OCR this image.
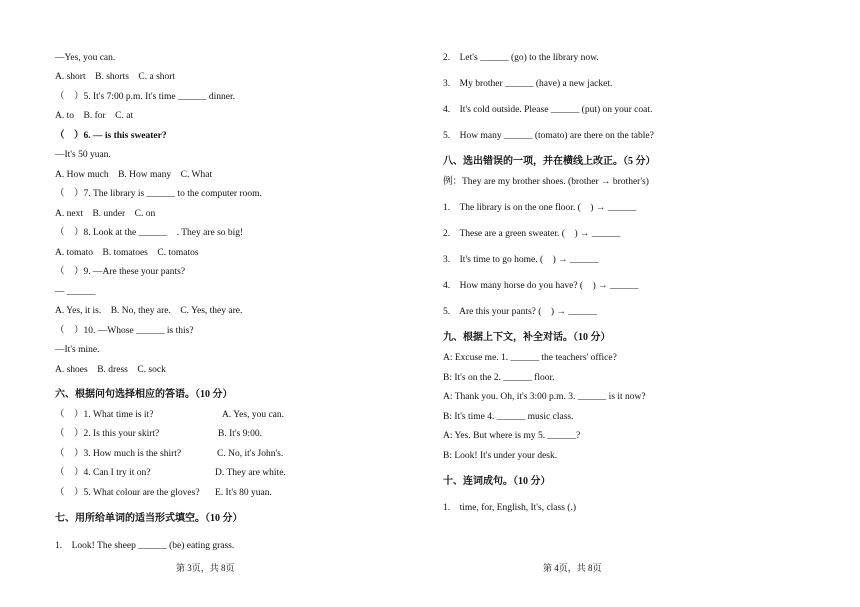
—Yes, you can.
A. short    B. shorts    C. a short
（    ）5. It's 7:00 p.m. It's time ______ dinner.
A. to    B. for    C. at
（    ）6. — is this sweater?
—It's 50 yuan.
A. How much    B. How many    C. What
（    ）7. The library is ______ to the computer room.
A. next    B. under    C. on
（    ）8. Look at the ______    . They are so big!
A. tomato    B. tomatoes    C. tomatos
（    ）9. —Are these your pants?
— ______
A. Yes, it is.    B. No, they are.    C. Yes, they are.
（    ）10. —Whose ______ is this?
—It's mine.
A. shoes    B. dress    C. sock
六、根据问句选择相应的答语。（10 分）
（    ）1. What time is it?	A. Yes, you can.
（    ）2. Is this your skirt?	B. It's 9:00.
（    ）3. How much is the shirt?	C. No, it's John's.
（    ）4. Can I try it on?	D. They are white.
（    ）5. What colour are the gloves? E. It's 80 yuan.
七、用所给单词的适当形式填空。（10 分）
1.    Look! The sheep ______ (be) eating grass.
第 3页，共 8页
2.    Let's ______ (go) to the library now.
3.    My brother ______ (have) a new jacket.
4.    It's cold outside. Please ______ (put) on your coat.
5.    How many ______ (tomato) are there on the table?
八、选出错误的一项，并在横线上改正。（5 分）
例：They are my brother shoes. (brother → brother's)
1.    The library is on the one floor. (    ) → ______
2.    These are a green sweater. (    ) → ______
3.    It's time to go home. (    ) → ______
4.    How many horse do you have? (    ) → ______
5.    Are this your pants? (    ) → ______
九、根据上下文，补全对话。（10 分）
A: Excuse me. 1. ______ the teachers' office?
B: It's on the 2. ______ floor.
A: Thank you. Oh, it's 3:00 p.m. 3. ______ is it now?
B: It's time 4. ______ music class.
A: Yes. But where is my 5. ______?
B: Look! It's under your desk.
十、连词成句。（10 分）
1.    time, for, English, It's, class (.)
第 4页，共 8页
